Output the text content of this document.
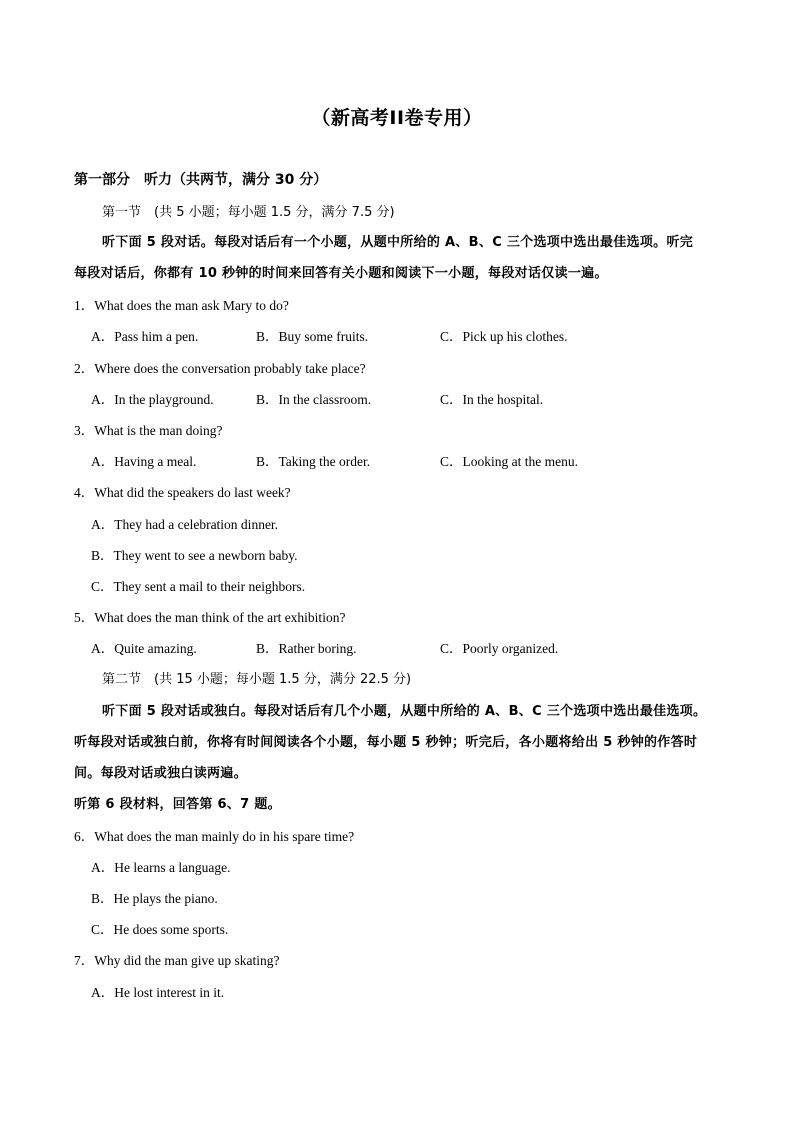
（新高考II卷专用）
第一部分　听力（共两节，满分 30 分）
第一节　(共 5 小题；每小题 1.5 分，满分 7.5 分)
听下面 5 段对话。每段对话后有一个小题，从题中所给的 A、B、C 三个选项中选出最佳选项。听完
每段对话后，你都有 10 秒钟的时间来回答有关小题和阅读下一小题，每段对话仅读一遍。
1．What does the man ask Mary to do?
A．Pass him a pen.	B．Buy some fruits.	C．Pick up his clothes.
2．Where does the conversation probably take place?
A．In the playground.	B．In the classroom.	C．In the hospital.
3．What is the man doing?
A．Having a meal.	B．Taking the order.	C．Looking at the menu.
4．What did the speakers do last week?
A．They had a celebration dinner.
B．They went to see a newborn baby.
C．They sent a mail to their neighbors.
5．What does the man think of the art exhibition?
A．Quite amazing.	B．Rather boring.	C．Poorly organized.
第二节　(共 15 小题；每小题 1.5 分，满分 22.5 分)
听下面 5 段对话或独白。每段对话后有几个小题，从题中所给的 A、B、C 三个选项中选出最佳选项。
听每段对话或独白前，你将有时间阅读各个小题，每小题 5 秒钟；听完后，各小题将给出 5 秒钟的作答时
间。每段对话或独白读两遍。
听第 6 段材料，回答第 6、7 题。
6．What does the man mainly do in his spare time?
A．He learns a language.
B．He plays the piano.
C．He does some sports.
7．Why did the man give up skating?
A．He lost interest in it.
